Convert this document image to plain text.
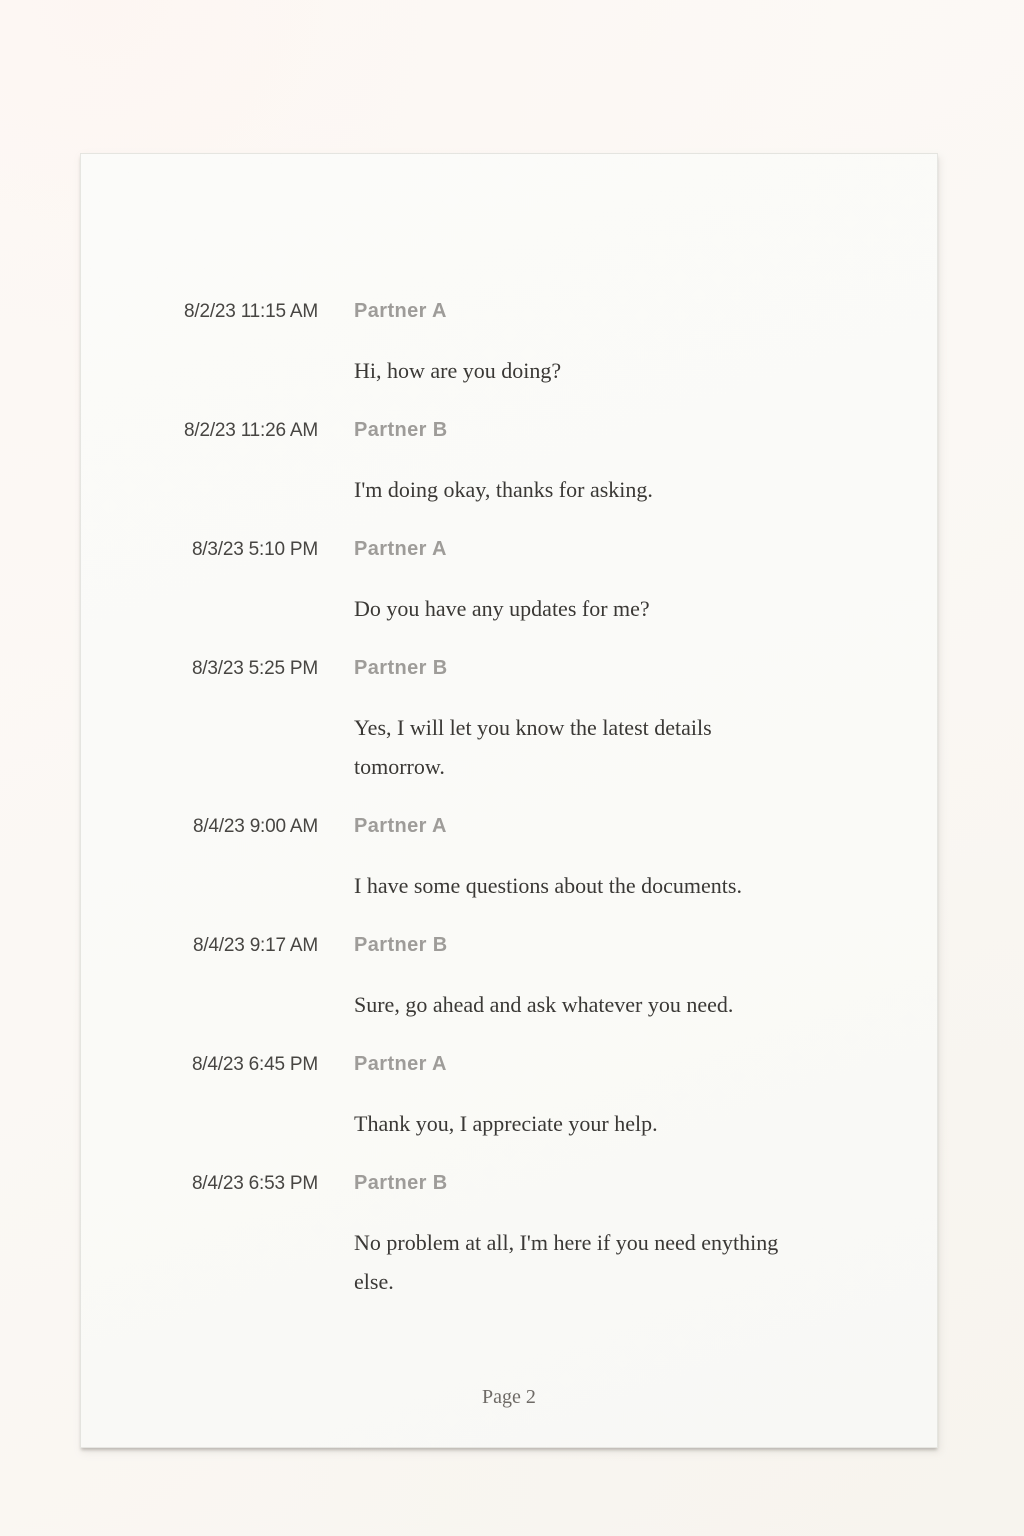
8/2/23 11:15 AM Partner A
Hi, how are you doing?
8/2/23 11:26 AM Partner B
I'm doing okay, thanks for asking.
8/3/23 5:10 PM Partner A
Do you have any updates for me?
8/3/23 5:25 PM Partner B
Yes, I will let you know the latest details tomorrow.
8/4/23 9:00 AM Partner A
I have some questions about the documents.
8/4/23 9:17 AM Partner B
Sure, go ahead and ask whatever you need.
8/4/23 6:45 PM Partner A
Thank you, I appreciate your help.
8/4/23 6:53 PM Partner B
No problem at all, I'm here if you need enything else.
Page 2
